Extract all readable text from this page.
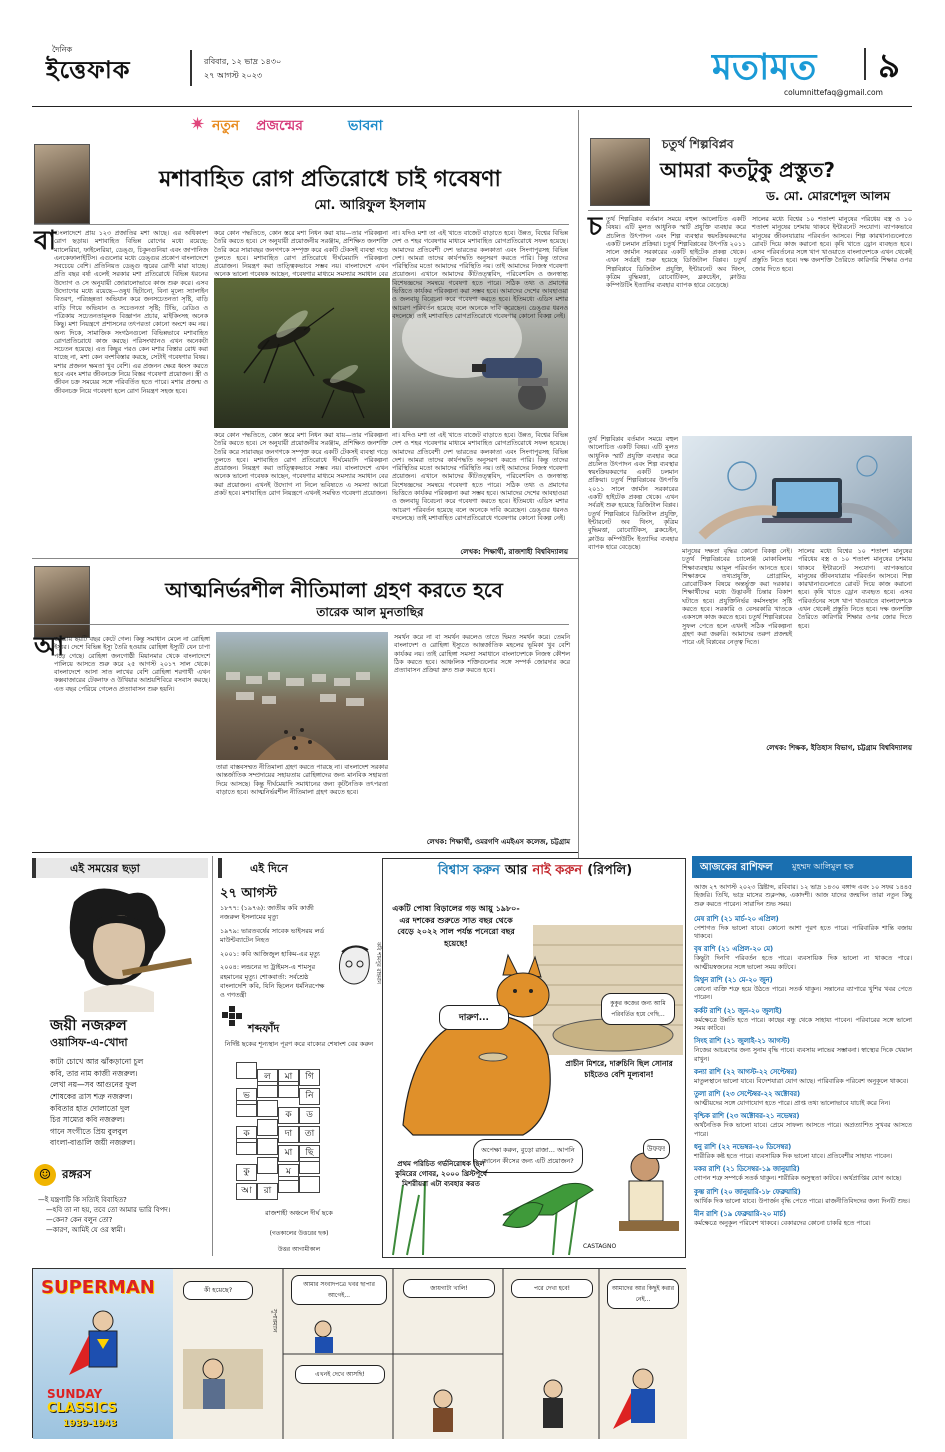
দৈনিক
ইত্তেফাক	রবিবার, ১২ ভাদ্র ১৪৩০
২৭ আগস্ট ২০২৩	মতামত ৯
columnittefaq@gmail.com
✷ নতুন প্রজন্মের	ভাবনা
মশাবাহিত রোগ প্রতিরোধে চাই গবেষণা
মো. আরিফুল ইসলাম
বা
ংলাদেশে প্রায় ১২৩ প্রজাতির মশা আছে। এর অধিকাংশ রোগ ছড়ায়। মশাবাহিত বিভিন্ন রোগের মধ্যে রয়েছে: ম্যালেরিয়া, ফাইলেরিয়া, ডেঙ্গু, চিকুনগুনিয়া এবং জাপানিজ এনকেফালাইটিস। এগুলোর মধ্যে ডেঙ্গুর প্রকোপ বাংলাদেশে সবচেয়ে বেশি। প্রতিনিয়ত ডেঙ্গু জ্বরের রোগী মারা যাচ্ছে। প্রতি বছর বর্ষা এলেই সরকার মশা প্রতিরোধে বিভিন্ন ধরনের উদ্যোগ ও সে অনুযায়ী জোরালোভাবে কাজ শুরু করে। এসব উদ্যোগের মধ্যে রয়েছে—ওষুধ ছিটানো, বিনা মূল্যে স্যালাইন বিতরণ, পরিচ্ছন্নতা অভিযান করে জনসচেতনতা সৃষ্টি, বাড়ি বাড়ি গিয়ে অভিযান ও সচেতনতা সৃষ্টি; টিভি, রেডিও ও পত্রিকায় সচেতনতামূলক বিজ্ঞাপন প্রচার, মাইকিংসহ অনেক কিছু। মশা নিয়ন্ত্রণে প্রশাসনের তৎপরতা কোনো অংশে কম নয়। অন্য দিকে, সামাজিক সংগঠনগুলো বিভিন্নভাবে মশাবাহিত রোগপ্রতিরোধে কাজ করছে। পরিসংখ্যানও এখন অনেকটা সচেতন হয়েছে। এত কিছুর পরও কেন মশার বিস্তার রোধ করা যাচ্ছে না, মশা কেন বংশবিস্তার করছে, সেটাই গবেষণার বিষয়। মশার প্রজনন ক্ষমতা খুব বেশি। এর প্রজনন ক্ষেত্র ধ্বংস করতে হবে এবং মশার জীবনচক্র নিয়ে বিস্তর গবেষণা প্রয়োজন। স্ত্রী ও জীবন চক্র সময়ের সঙ্গে পরিবর্তিত হতে পারে। মশার প্রজন্ম ও জীবনচক্র নিয়ে গবেষণা হলে রোগ নিয়ন্ত্রণ সহজ হবে।
করে কোন পদ্ধতিতে, কোন স্তরে মশা নিধন করা যায়—তার পরিকল্পনা তৈরি করতে হবে। সে অনুযায়ী প্রয়োজনীয় সরঞ্জাম, প্রশিক্ষিত জনশক্তি তৈরি করে সারাবছর জনগণকে সম্পৃক্ত করে একটি টেকসই ব্যবস্থা গড়ে তুলতে হবে। মশাবাহিত রোগ প্রতিরোধে দীর্ঘমেয়াদি পরিকল্পনা প্রয়োজন। নিয়ন্ত্রণ করা তাত্ত্বিকভাবে সম্ভব নয়। বাংলাদেশে এখন অনেক ভালো গবেষক আছেন, গবেষণার মাধ্যমে সমস্যার সমাধান বের
করে কোন পদ্ধতিতে, কোন স্তরে মশা নিধন করা যায়—তার পরিকল্পনা তৈরি করতে হবে। সে অনুযায়ী প্রয়োজনীয় সরঞ্জাম, প্রশিক্ষিত জনশক্তি তৈরি করে সারাবছর জনগণকে সম্পৃক্ত করে একটি টেকসই ব্যবস্থা গড়ে তুলতে হবে। মশাবাহিত রোগ প্রতিরোধে দীর্ঘমেয়াদি পরিকল্পনা প্রয়োজন। নিয়ন্ত্রণ করা তাত্ত্বিকভাবে সম্ভব নয়। বাংলাদেশে এখন অনেক ভালো গবেষক আছেন, গবেষণার মাধ্যমে সমস্যার সমাধান বের করা প্রয়োজন। এখনই উদ্যোগ না নিলে ভবিষ্যতে এ সমস্যা আরো প্রকট হবে। মশাবাহিত রোগ নিয়ন্ত্রণে এখনই সমন্বিত গবেষণা প্রয়োজন।
না। যদিও মশা তা এই খাতে বাজেট বাড়াতে হবে। উন্নত, বিশ্বের বিভিন্ন দেশ ও শহর গবেষণার মাধ্যমে মশাবাহিত রোগপ্রতিরোধে সফল হয়েছে। আমাদের প্রতিবেশী দেশ ভারতের কলকাতা এবং সিংগাপুরসহ বিভিন্ন দেশ। আমরা তাদের কার্যপদ্ধতি অনুসরণ করতে পারি। কিন্তু তাদের পরিস্থিতির মতো আমাদের পরিস্থিতি নয়। তাই আমাদের নিজস্ব গবেষণা প্রয়োজন। এখানে আমাদের কীটতত্ত্ববিদ, পরিবেশবিদ ও জনস্বাস্থ্য বিশেষজ্ঞদের সমন্বয়ে গবেষণা হতে পারে। সঠিক তথ্য ও প্রমাণের ভিত্তিতে কার্যকর পরিকল্পনা করা সম্ভব হবে। আমাদের দেশের আবহাওয়া ও জলবায়ু বিবেচনা করে গবেষণা করতে হবে। ইতিমধ্যে এডিস মশার আচরণ পরিবর্তন হয়েছে বলে অনেকে দাবি করেছেন। ডেঙ্গুর ধরনও বদলেছে। তাই মশাবাহিত রোগপ্রতিরোধে গবেষণার কোনো বিকল্প নেই।
না। যদিও মশা তা এই খাতে বাজেট বাড়াতে হবে। উন্নত, বিশ্বের বিভিন্ন দেশ ও শহর গবেষণার মাধ্যমে মশাবাহিত রোগপ্রতিরোধে সফল হয়েছে। আমাদের প্রতিবেশী দেশ ভারতের কলকাতা এবং সিংগাপুরসহ বিভিন্ন দেশ। আমরা তাদের কার্যপদ্ধতি অনুসরণ করতে পারি। কিন্তু তাদের পরিস্থিতির মতো আমাদের পরিস্থিতি নয়। তাই আমাদের নিজস্ব গবেষণা প্রয়োজন। এখানে আমাদের কীটতত্ত্ববিদ, পরিবেশবিদ ও জনস্বাস্থ্য বিশেষজ্ঞদের সমন্বয়ে গবেষণা হতে পারে। সঠিক তথ্য ও প্রমাণের ভিত্তিতে কার্যকর পরিকল্পনা করা সম্ভব হবে। আমাদের দেশের আবহাওয়া ও জলবায়ু বিবেচনা করে গবেষণা করতে হবে। ইতিমধ্যে এডিস মশার আচরণ পরিবর্তন হয়েছে বলে অনেকে দাবি করেছেন। ডেঙ্গুর ধরনও বদলেছে। তাই মশাবাহিত রোগপ্রতিরোধে গবেষণার কোনো বিকল্প নেই।
লেখক: শিক্ষার্থী, রাজশাহী বিশ্ববিদ্যালয়
চতুর্থ শিল্পবিপ্লব
আমরা কতটুকু প্রস্তুত?
ড. মো. মোরশেদুল আলম
চ তুর্থ শিল্পবিপ্লব বর্তমান সময়ে বহুল আলোচিত একটি বিষয়। এটি মূলত আধুনিক স্মার্ট প্রযুক্তি ব্যবহার করে প্রচলিত উৎপাদন এবং শিল্প ব্যবস্থার স্বয়ংক্রিয়করণের একটি চলমান প্রক্রিয়া। চতুর্থ শিল্পবিপ্লবের উৎপত্তি ২০১১ সালে জার্মান সরকারের একটি হাইটেক প্রকল্প থেকে। এখন সর্বত্রই শুরু হয়েছে ডিজিটাল বিপ্লব। চতুর্থ শিল্পবিপ্লবে ডিজিটাল প্রযুক্তি, ইন্টারনেট অব থিংস, কৃত্রিম বুদ্ধিমত্তা, রোবোটিকস, ব্লকচেইন, ক্লাউড কম্পিউটিং ইত্যাদির ব্যবহার ব্যাপক হারে বেড়েছে।
সালের মধ্যে বিশ্বের ১০ শতাংশ মানুষের পরিধেয় বস্ত্র ও ১০ শতাংশ মানুষের চশমায় থাকবে ইন্টারনেট সংযোগ। ব্যাপকভাবে মানুষের জীবনযাত্রায় পরিবর্তন আসবে। শিল্প কারখানাগুলোতে রোবট দিয়ে কাজ করানো হবে। কৃষি খাতে ড্রোন ব্যবহৃত হবে। এসব পরিবর্তনের সঙ্গে খাপ খাওয়াতে বাংলাদেশকে এখন থেকেই প্রস্তুতি নিতে হবে। দক্ষ জনশক্তি তৈরিতে কারিগরি শিক্ষার ওপর জোর দিতে হবে।
তুর্থ শিল্পবিপ্লব বর্তমান সময়ে বহুল আলোচিত একটি বিষয়। এটি মূলত আধুনিক স্মার্ট প্রযুক্তি ব্যবহার করে প্রচলিত উৎপাদন এবং শিল্প ব্যবস্থার স্বয়ংক্রিয়করণের একটি চলমান প্রক্রিয়া। চতুর্থ শিল্পবিপ্লবের উৎপত্তি ২০১১ সালে জার্মান সরকারের একটি হাইটেক প্রকল্প থেকে। এখন সর্বত্রই শুরু হয়েছে ডিজিটাল বিপ্লব। চতুর্থ শিল্পবিপ্লবে ডিজিটাল প্রযুক্তি, ইন্টারনেট অব থিংস, কৃত্রিম বুদ্ধিমত্তা, রোবোটিকস, ব্লকচেইন, ক্লাউড কম্পিউটিং ইত্যাদির ব্যবহার ব্যাপক হারে বেড়েছে।
মানুষের দক্ষতা বৃদ্ধির কোনো বিকল্প নেই। চতুর্থ শিল্পবিপ্লবের চ্যালেঞ্জ মোকাবিলায় শিক্ষাব্যবস্থায় আমূল পরিবর্তন আনতে হবে। শিক্ষাক্রমে তথ্যপ্রযুক্তি, প্রোগ্রামিং, রোবোটিকস বিষয়ে অন্তর্ভুক্ত করা দরকার। শিক্ষার্থীদের মধ্যে উদ্ভাবনী চিন্তার বিকাশ ঘটাতে হবে। প্রযুক্তিনির্ভর কর্মসংস্থান সৃষ্টি করতে হবে। সরকারি ও বেসরকারি খাতকে একসঙ্গে কাজ করতে হবে। চতুর্থ শিল্পবিপ্লবের সুফল পেতে হলে এখনই সঠিক পরিকল্পনা গ্রহণ করা জরুরি। আমাদের তরুণ প্রজন্মই পারে এই বিপ্লবের নেতৃত্ব দিতে।
সালের মধ্যে বিশ্বের ১০ শতাংশ মানুষের পরিধেয় বস্ত্র ও ১০ শতাংশ মানুষের চশমায় থাকবে ইন্টারনেট সংযোগ। ব্যাপকভাবে মানুষের জীবনযাত্রায় পরিবর্তন আসবে। শিল্প কারখানাগুলোতে রোবট দিয়ে কাজ করানো হবে। কৃষি খাতে ড্রোন ব্যবহৃত হবে। এসব পরিবর্তনের সঙ্গে খাপ খাওয়াতে বাংলাদেশকে এখন থেকেই প্রস্তুতি নিতে হবে। দক্ষ জনশক্তি তৈরিতে কারিগরি শিক্ষার ওপর জোর দিতে হবে।
লেখক: শিক্ষক, ইতিহাস বিভাগ, চট্টগ্রাম বিশ্ববিদ্যালয়
আত্মনির্ভরশীল নীতিমালা গ্রহণ করতে হবে
তারেক আল মুনতাছির
আ
জ প্রায় ছয়টি বছর কেটে গেল। কিন্তু সমাধান মেলে না রোহিঙ্গা ইস্যুর। দেশে বিভিন্ন ইস্যু তৈরি হওয়ায় রোহিঙ্গা ইস্যুটি যেন চাপা পড়ে গেছে। রোহিঙ্গা জনগোষ্ঠী মিয়ানমার থেকে বাংলাদেশে পালিয়ে আসতে শুরু করে ২৫ আগস্ট ২০১৭ সাল থেকে। বাংলাদেশে আসা সাত লাখের বেশি রোহিঙ্গা শরণার্থী এখন কক্সবাজারের টেকনাফ ও উখিয়ার আশ্রয়শিবিরে বসবাস করছে। এত বছর পেরিয়ে গেলেও প্রত্যাবাসন শুরু হয়নি।
তারা বাস্তবসম্মত নীতিমালা গ্রহণ করতে পারছে না। বাংলাদেশ সরকার আন্তর্জাতিক সম্প্রদায়ের সহায়তায় রোহিঙ্গাদের জন্য মানবিক সহায়তা দিয়ে আসছে। কিন্তু দীর্ঘমেয়াদি সমাধানের জন্য কূটনৈতিক তৎপরতা বাড়াতে হবে। আত্মনির্ভরশীল নীতিমালা গ্রহণ করতে হবে।
সমর্থন করে না বা সমর্থন করলেও তাতে দ্বিমত সমর্থন করে। তেমনি বাংলাদেশ ও রোহিঙ্গা ইস্যুতে আন্তর্জাতিক মহলের ভূমিকা খুব বেশি কার্যকর নয়। তাই রোহিঙ্গা সমস্যা সমাধানে বাংলাদেশকে নিজস্ব কৌশল ঠিক করতে হবে। আঞ্চলিক শক্তিগুলোর সঙ্গে সম্পর্ক জোরদার করে প্রত্যাবাসন প্রক্রিয়া দ্রুত শুরু করতে হবে।
লেখক: শিক্ষার্থী, ওমরগণি এমইএস কলেজ, চট্টগ্রাম
এই সময়ের ছড়া
জয়ী নজরুল
ওয়াসিফ-এ-খোদা
কাটা চোখে আর ঝাঁকড়ানো চুল
কবি, তার নাম কাজী নজরুল।
লেখা নয়—সব আগুনের ফুল
শোষকের ত্রাস শত্রু নজরুল।
কবিতার হাত দোলাতো দুল
চির সাম্যের কবি নজরুল।
গানে সংগীতে প্রিয় বুলবুল
বাংলা-বাঙালি জয়ী নজরুল।
☺ রঙ্গরস
—ই যন্ত্রণাটি কি সত্যিই বিবাহিত?
—হবি তা না হয়, তবে তো আমার ভারি বিপদ।
—কেন? কেন বলুন তো?
—কারণ, আমিই যে ওর স্বামী।
এই দিনে
২৭ আগস্ট
১৮৭৭: (১৯৭৬): জাতীয় কবি কাজী নজরুল ইসলামের মৃত্যু
১৯৭৯: ভারতবর্ষের সাবেক ভাইসরয় লর্ড মাউন্টব্যাটেন নিহত
২০০১: কবি আজিজুল হাকিম-এর মৃত্যু
২০০৪: লন্ডনের দ্য ট্রাইমস-এ শামসুর রহমানের মৃত্যু। শোকবার্তা: সর্বশ্রেষ্ঠ বাংলাদেশি কবি, যিনি ছিলেন ধর্মনিরপেক্ষ ও গণতন্ত্রী
কবি শামসুর রাহমান
শব্দফাঁদ
নির্দিষ্ট ছকের শূন্যস্থান পূরণ করে বাক্যের শেষাংশ বের করুন
ল মা গি
ভ	নি
ক ড
ক	দা তা
মা ছি
কু	ম
আ রা
রাজশাহী অঞ্চলে দীর্ঘ ছকে
(গতকালের উত্তরের ছক)
উত্তর আগামীকাল
বিশ্বাস করুন আর নাই করুন (রিপলি)
একটি পোষা বিড়ালের গড় আয়ু ১৯৮০-এর দশকের শুরুতে সাত বছর থেকে বেড়ে ২০২২ সাল পর্যন্ত পনেরো বছর হয়েছে!
দারুণ...
কুকুর কজের জন্য আমি পরিবর্তিত হয়ে গেছি...
প্রাচীন মিশরে, দারুচিনি ছিল সোনার চাইতেও বেশি মূল্যবান!
অপেক্ষা করুন, বুড়ো রাজা... আপনি জানেন কীসের জন্য এটি প্রয়োজন?
উফফ!
প্রথম পরিচিত গর্ভনিরোধক ছিল কুমিরের গোবর, ২০০০ খ্রিস্টপূর্বে মিশরীয়রা এটা ব্যবহার করত
CASTAGNO
আজকের রাশিফল মুহম্মদ আলিমুল হক
আজ ২৭ আগস্ট ২০২৩ খ্রিষ্টাব্দ, রবিবার। ১২ ভাদ্র ১৪৩০ বঙ্গাব্দ এবং ১০ সফর ১৪৪৫ হিজরি। তিথি, ভাদ্র মাসের শুক্লপক্ষ, একাদশী। আজ যাদের জন্মদিন তারা নতুন কিছু শুরু করতে পারেন। সারাদিন শুভ সময়।
মেষ রাশি (২১ মার্চ-২০ এপ্রিল)
পেশাগত দিক ভালো যাবে। কোনো আশা পূরণ হতে পারে। পারিবারিক শান্তি বজায় থাকবে।
বৃষ রাশি (২১ এপ্রিল-২০ মে)
কিছুটা দিনগি পরিবর্তন হতে পারে। ব্যবসায়িক দিক ভালো না থাকতে পারে। আত্মীয়স্বজনের সঙ্গে ভালো সময় কাটবে।
মিথুন রাশি (২১ মে-২০ জুন)
কোনো ব্যক্তি শত্রু হয়ে উঠতে পারে। সতর্ক থাকুন। সন্তানের ব্যাপারে খুশির খবর পেতে পারেন।
কর্কট রাশি (২১ জুন-২০ জুলাই)
কর্মক্ষেত্রে উন্নতি হতে পারে। কাছের বন্ধু থেকে সাহায্য পাবেন। পরিবারের সঙ্গে ভালো সময় কাটবে।
সিংহ রাশি (২১ জুলাই-২১ আগস্ট)
নিজের আচরণের জন্য সুনাম বৃদ্ধি পাবে। ব্যবসায় লাভের সম্ভাবনা। স্বাস্থ্যের দিকে খেয়াল রাখুন।
কন্যা রাশি (২২ আগস্ট-২২ সেপ্টেম্বর)
মাতুলস্থানে ভালো যাবে। বিদেশযাত্রা যোগ আছে। পারিবারিক পরিবেশ অনুকূলে থাকবে।
তুলা রাশি (২৩ সেপ্টেম্বর-২২ অক্টোবর)
আত্মীয়দের সঙ্গে যোগাযোগ হতে পারে। প্রাপ্ত তথ্য ভালোভাবে যাচাই করে নিন।
বৃশ্চিক রাশি (২৩ অক্টোবর-২১ নভেম্বর)
অর্থনৈতিক দিক ভালো যাবে। প্রেমে সাফল্য আসতে পারে। অপ্রত্যাশিত সুখবর আসতে পারে।
ধনু রাশি (২২ নভেম্বর-২০ ডিসেম্বর)
শারীরিক কষ্ট হতে পারে। ব্যবসায়িক দিক ভালো যাবে। প্রতিবেশীর সাহায্য পাবেন।
মকর রাশি (২১ ডিসেম্বর-১৯ জানুয়ারি)
গোপন শত্রু সম্পর্কে সতর্ক থাকুন। শারীরিক অসুস্থতা কাটবে। অর্থপ্রাপ্তির যোগ আছে।
কুম্ভ রাশি (২০ জানুয়ারি-১৮ ফেব্রুয়ারি)
আর্থিক দিক ভালো যাবে। উপার্জন বৃদ্ধি পেতে পারে। রাজনীতিবিদদের জন্য দিনটি শুভ।
মীন রাশি (১৯ ফেব্রুয়ারি-২০ মার্চ)
কর্মক্ষেত্রে অনুকূল পরিবেশ থাকবে। বেকারদের কোনো চাকরি হতে পারে।
SUPERMAN
SUNDAY
CLASSICS
1939-1943
কী হয়েছে?
আমার সংবাদপত্রে খবর ছাপার আগেই...
এখনই দেখে আসছি!
জায়গাটা খালি!	পরে দেখা হবে!	আমাদের আর কিছুই করার নেই...
সুপারম্যান
